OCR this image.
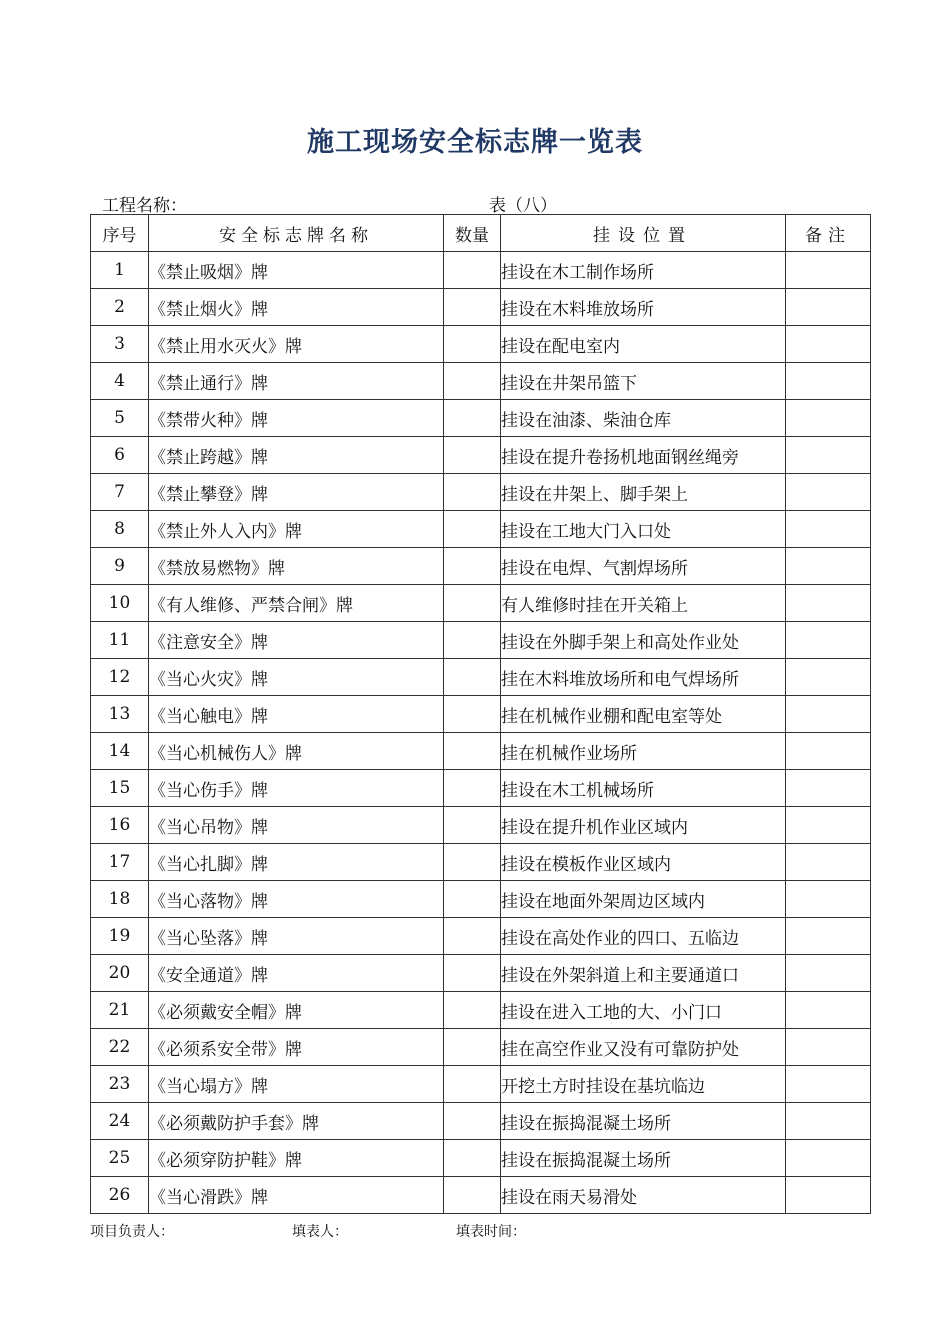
施工现场安全标志牌一览表
工程名称：	表（八）
序号	安全标志牌名称	数量	挂设位置	备注
1	《禁止吸烟》牌		挂设在木工制作场所	
2	《禁止烟火》牌		挂设在木料堆放场所	
3	《禁止用水灭火》牌		挂设在配电室内	
4	《禁止通行》牌		挂设在井架吊篮下	
5	《禁带火种》牌		挂设在油漆、柴油仓库	
6	《禁止跨越》牌		挂设在提升卷扬机地面钢丝绳旁	
7	《禁止攀登》牌		挂设在井架上、脚手架上	
8	《禁止外人入内》牌		挂设在工地大门入口处	
9	《禁放易燃物》牌		挂设在电焊、气割焊场所	
10	《有人维修、严禁合闸》牌		有人维修时挂在开关箱上	
11	《注意安全》牌		挂设在外脚手架上和高处作业处	
12	《当心火灾》牌		挂在木料堆放场所和电气焊场所	
13	《当心触电》牌		挂在机械作业棚和配电室等处	
14	《当心机械伤人》牌		挂在机械作业场所	
15	《当心伤手》牌		挂设在木工机械场所	
16	《当心吊物》牌		挂设在提升机作业区域内	
17	《当心扎脚》牌		挂设在模板作业区域内	
18	《当心落物》牌		挂设在地面外架周边区域内	
19	《当心坠落》牌		挂设在高处作业的四口、五临边	
20	《安全通道》牌		挂设在外架斜道上和主要通道口	
21	《必须戴安全帽》牌		挂设在进入工地的大、小门口	
22	《必须系安全带》牌		挂在高空作业又没有可靠防护处	
23	《当心塌方》牌		开挖土方时挂设在基坑临边	
24	《必须戴防护手套》牌		挂设在振捣混凝土场所	
25	《必须穿防护鞋》牌		挂设在振捣混凝土场所	
26	《当心滑跌》牌		挂设在雨天易滑处	
项目负责人：	填表人：	填表时间：
